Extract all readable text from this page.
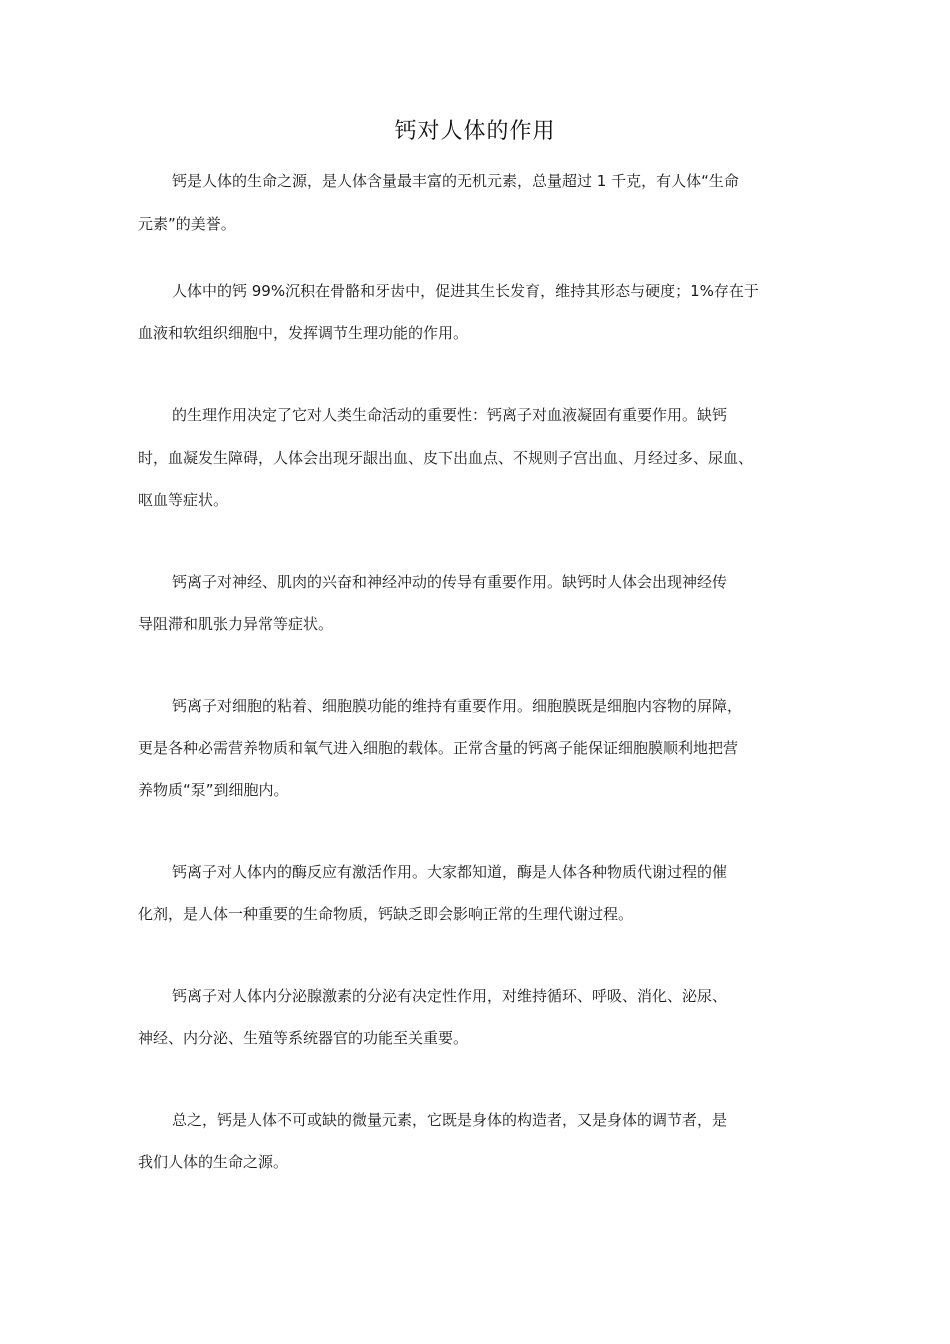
钙对人体的作用
钙是人体的生命之源，是人体含量最丰富的无机元素，总量超过 1 千克，有人体“生命
元素”的美誉。
人体中的钙 99%沉积在骨骼和牙齿中，促进其生长发育，维持其形态与硬度；1%存在于
血液和软组织细胞中，发挥调节生理功能的作用。
的生理作用决定了它对人类生命活动的重要性：钙离子对血液凝固有重要作用。缺钙
时，血凝发生障碍，人体会出现牙龈出血、皮下出血点、不规则子宫出血、月经过多、尿血、
呕血等症状。
钙离子对神经、肌肉的兴奋和神经冲动的传导有重要作用。缺钙时人体会出现神经传
导阻滞和肌张力异常等症状。
钙离子对细胞的粘着、细胞膜功能的维持有重要作用。细胞膜既是细胞内容物的屏障，
更是各种必需营养物质和氧气进入细胞的载体。正常含量的钙离子能保证细胞膜顺利地把营
养物质“泵”到细胞内。
钙离子对人体内的酶反应有激活作用。大家都知道，酶是人体各种物质代谢过程的催
化剂，是人体一种重要的生命物质，钙缺乏即会影响正常的生理代谢过程。
钙离子对人体内分泌腺激素的分泌有决定性作用，对维持循环、呼吸、消化、泌尿、
神经、内分泌、生殖等系统器官的功能至关重要。
总之，钙是人体不可或缺的微量元素，它既是身体的构造者，又是身体的调节者，是
我们人体的生命之源。
